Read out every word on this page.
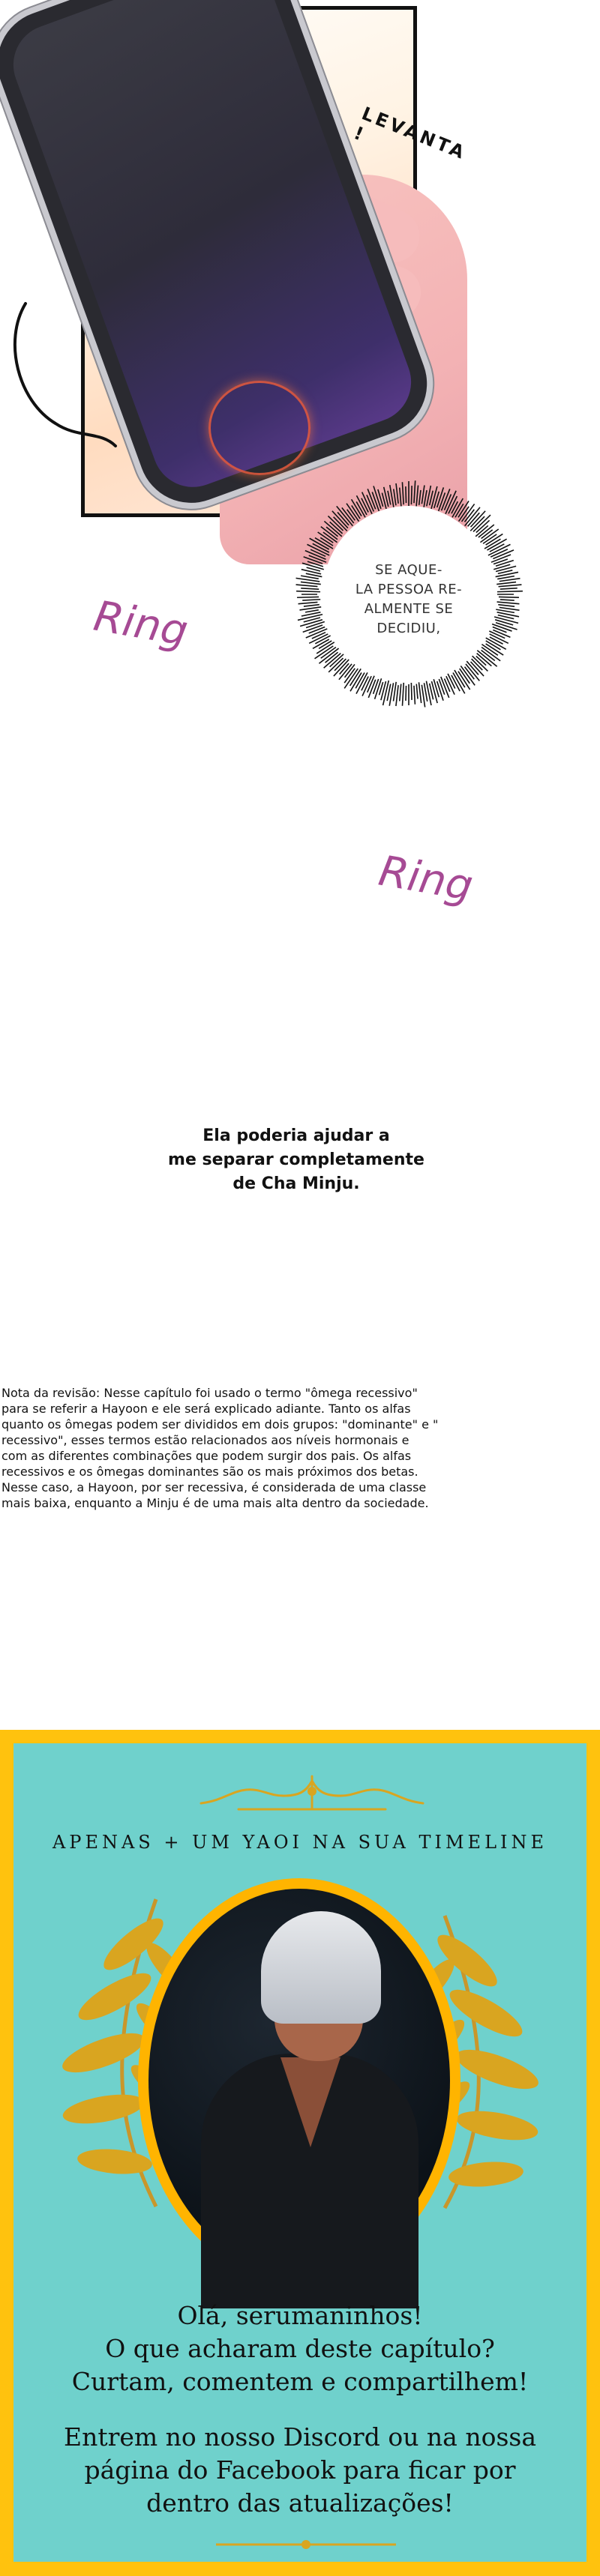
LEVANTA !
SE AQUE-
LA PESSOA RE-
ALMENTE SE
DECIDIU,
Ring
Ring
Ela poderia ajudar a
me separar completamente
de Cha Minju.
Nota da revisão: Nesse capítulo foi usado o termo "ômega recessivo"
para se referir a Hayoon e ele será explicado adiante. Tanto os alfas
quanto os ômegas podem ser divididos em dois grupos: "dominante" e "
recessivo", esses termos estão relacionados aos níveis hormonais e
com as diferentes combinações que podem surgir dos pais. Os alfas
recessivos e os ômegas dominantes são os mais próximos dos betas.
Nesse caso, a Hayoon, por ser recessiva, é considerada de uma classe
mais baixa, enquanto a Minju é de uma mais alta dentro da sociedade.
APENAS + UM YAOI NA SUA TIMELINE
Olá, serumaninhos!
O que acharam deste capítulo?
Curtam, comentem e compartilhem!
Entrem no nosso Discord ou na nossa
página do Facebook para ficar por
dentro das atualizações!
